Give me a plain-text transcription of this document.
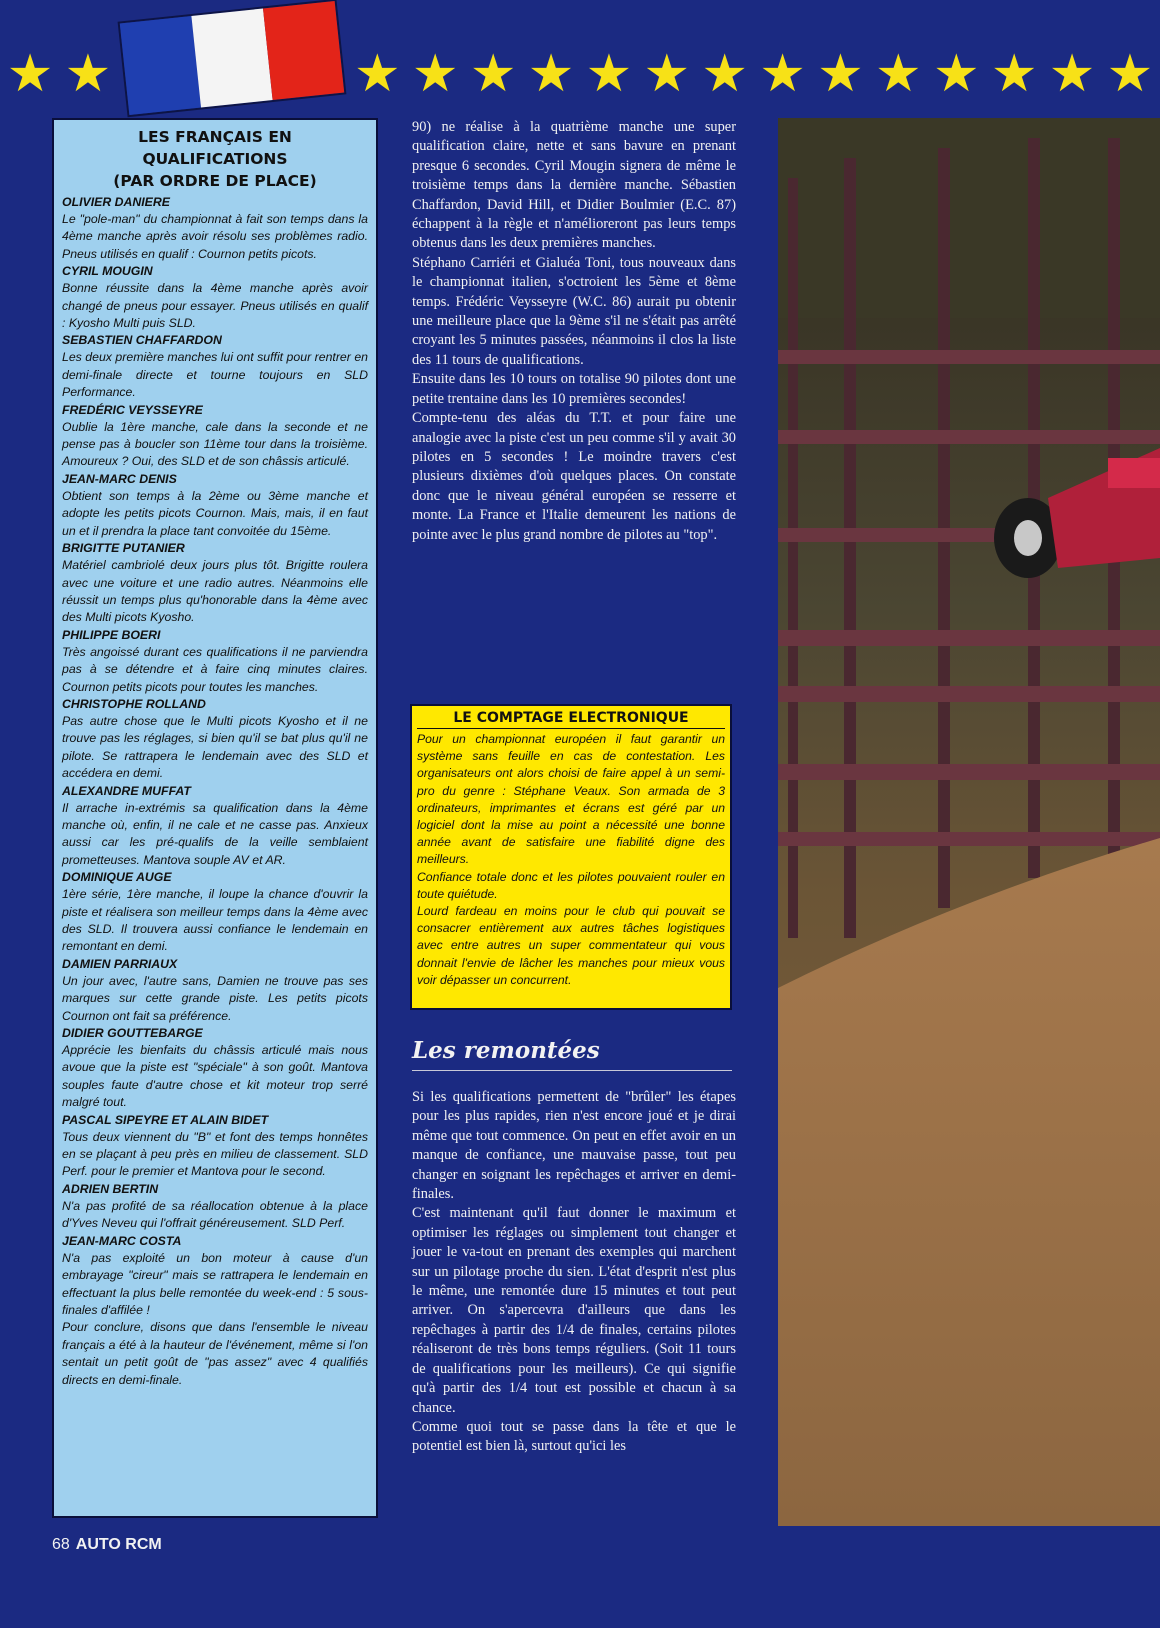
★ ★	★ ★ ★ ★ ★ ★ ★ ★ ★ ★ ★ ★ ★ ★
LES FRANÇAIS EN
QUALIFICATIONS
(PAR ORDRE DE PLACE)
OLIVIER DANIERE
Le "pole-man" du championnat à fait son temps dans la 4ème manche après avoir résolu ses problèmes radio. Pneus utilisés en qualif : Cournon petits picots.
CYRIL MOUGIN
Bonne réussite dans la 4ème manche après avoir changé de pneus pour essayer. Pneus utilisés en qualif : Kyosho Multi puis SLD.
SEBASTIEN CHAFFARDON
Les deux première manches lui ont suffit pour rentrer en demi-finale directe et tourne toujours en SLD Performance.
FREDÉRIC VEYSSEYRE
Oublie la 1ère manche, cale dans la seconde et ne pense pas à boucler son 11ème tour dans la troisième. Amoureux ? Oui, des SLD et de son châssis articulé.
JEAN-MARC DENIS
Obtient son temps à la 2ème ou 3ème manche et adopte les petits picots Cournon. Mais, mais, il en faut un et il prendra la place tant convoitée du 15ème.
BRIGITTE PUTANIER
Matériel cambriolé deux jours plus tôt. Brigitte roulera avec une voiture et une radio autres. Néanmoins elle réussit un temps plus qu'honorable dans la 4ème avec des Multi picots Kyosho.
PHILIPPE BOERI
Très angoissé durant ces qualifications il ne parviendra pas à se détendre et à faire cinq minutes claires. Cournon petits picots pour toutes les manches.
CHRISTOPHE ROLLAND
Pas autre chose que le Multi picots Kyosho et il ne trouve pas les réglages, si bien qu'il se bat plus qu'il ne pilote. Se rattrapera le lendemain avec des SLD et accédera en demi.
ALEXANDRE MUFFAT
Il arrache in-extrémis sa qualification dans la 4ème manche où, enfin, il ne cale et ne casse pas. Anxieux aussi car les pré-qualifs de la veille semblaient prometteuses. Mantova souple AV et AR.
DOMINIQUE AUGE
1ère série, 1ère manche, il loupe la chance d'ouvrir la piste et réalisera son meilleur temps dans la 4ème avec des SLD. Il trouvera aussi confiance le lendemain en remontant en demi.
DAMIEN PARRIAUX
Un jour avec, l'autre sans, Damien ne trouve pas ses marques sur cette grande piste. Les petits picots Cournon ont fait sa préférence.
DIDIER GOUTTEBARGE
Apprécie les bienfaits du châssis articulé mais nous avoue que la piste est "spéciale" à son goût. Mantova souples faute d'autre chose et kit moteur trop serré malgré tout.
PASCAL SIPEYRE ET ALAIN BIDET
Tous deux viennent du "B" et font des temps honnêtes en se plaçant à peu près en milieu de classement. SLD Perf. pour le premier et Mantova pour le second.
ADRIEN BERTIN
N'a pas profité de sa réallocation obtenue à la place d'Yves Neveu qui l'offrait généreusement. SLD Perf.
JEAN-MARC COSTA
N'a pas exploité un bon moteur à cause d'un embrayage "cireur" mais se rattrapera le lendemain en effectuant la plus belle remontée du week-end : 5 sous-finales d'affilée !
Pour conclure, disons que dans l'ensemble le niveau français a été à la hauteur de l'événement, même si l'on sentait un petit goût de "pas assez" avec 4 qualifiés directs en demi-finale.

90) ne réalise à la quatrième manche une super qualification claire, nette et sans bavure en prenant presque 6 secondes. Cyril Mougin signera de même le troisième temps dans la dernière manche. Sébastien Chaffardon, David Hill, et Didier Boulmier (E.C. 87) échappent à la règle et n'amélioreront pas leurs temps obtenus dans les deux premières manches.

Stéphano Carriéri et Gialuéa Toni, tous nouveaux dans le championnat italien, s'octroient les 5ème et 8ème temps. Frédéric Veysseyre (W.C. 86) aurait pu obtenir une meilleure place que la 9ème s'il ne s'était pas arrêté croyant les 5 minutes passées, néanmoins il clos la liste des 11 tours de qualifications.

Ensuite dans les 10 tours on totalise 90 pilotes dont une petite trentaine dans les 10 premières secondes!

Compte-tenu des aléas du T.T. et pour faire une analogie avec la piste c'est un peu comme s'il y avait 30 pilotes en 5 secondes ! Le moindre travers c'est plusieurs dixièmes d'où quelques places. On constate donc que le niveau général européen se resserre et monte. La France et l'Italie demeurent les nations de pointe avec le plus grand nombre de pilotes au "top".

LE COMPTAGE ELECTRONIQUE
Pour un championnat européen il faut garantir un système sans feuille en cas de contestation. Les organisateurs ont alors choisi de faire appel à un semi-pro du genre : Stéphane Veaux. Son armada de 3 ordinateurs, imprimantes et écrans est géré par un logiciel dont la mise au point a nécessité une bonne année avant de satisfaire une fiabilité digne des meilleurs.
Confiance totale donc et les pilotes pouvaient rouler en toute quiétude.
Lourd fardeau en moins pour le club qui pouvait se consacrer entièrement aux autres tâches logistiques avec entre autres un super commentateur qui vous donnait l'envie de lâcher les manches pour mieux vous voir dépasser un concurrent.
Les remontées

Si les qualifications permettent de "brûler" les étapes pour les plus rapides, rien n'est encore joué et je dirai même que tout commence. On peut en effet avoir en un manque de confiance, une mauvaise passe, tout peu changer en soignant les repêchages et arriver en demi-finales.

C'est maintenant qu'il faut donner le maximum et optimiser les réglages ou simplement tout changer et jouer le va-tout en prenant des exemples qui marchent sur un pilotage proche du sien. L'état d'esprit n'est plus le même, une remontée dure 15 minutes et tout peut arriver. On s'apercevra d'ailleurs que dans les repêchages à partir des 1/4 de finales, certains pilotes réaliseront de très bons temps réguliers. (Soit 11 tours de qualifications pour les meilleurs). Ce qui signifie qu'à partir des 1/4 tout est possible et chacun à sa chance.

Comme quoi tout se passe dans la tête et que le potentiel est bien là, surtout qu'ici les

68 AUTO RCM
